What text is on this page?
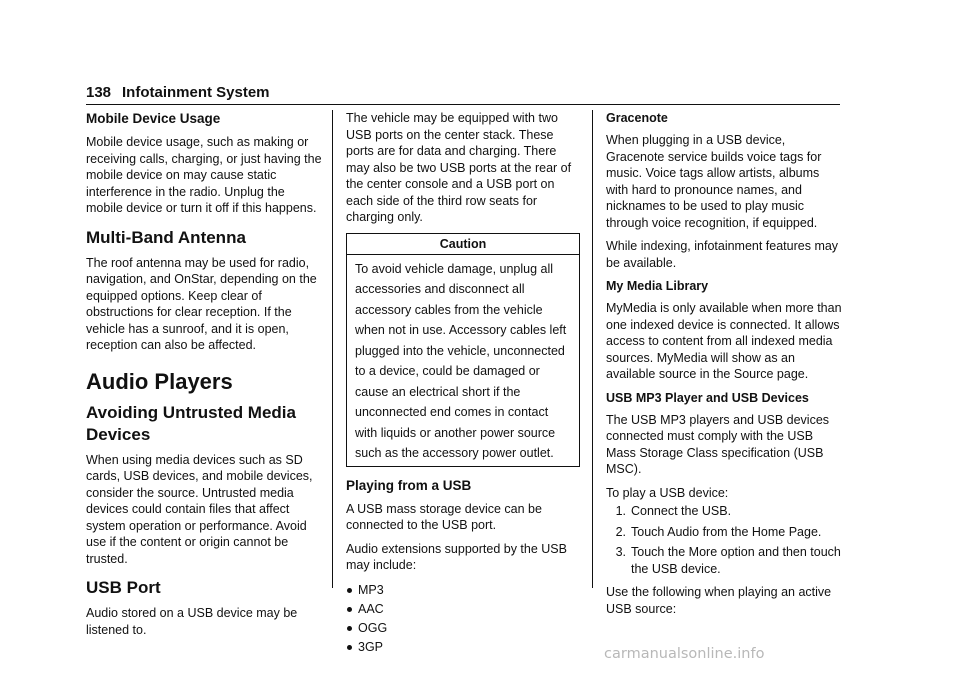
138 Infotainment System
Mobile Device Usage

Mobile device usage, such as making or receiving calls, charging, or just having the mobile device on may cause static interference in the radio. Unplug the mobile device or turn it off if this happens.

Multi-Band Antenna

The roof antenna may be used for radio, navigation, and OnStar, depending on the equipped options. Keep clear of obstructions for clear reception. If the vehicle has a sunroof, and it is open, reception can also be affected.

Audio Players
Avoiding Untrusted Media Devices

When using media devices such as SD cards, USB devices, and mobile devices, consider the source. Untrusted media devices could contain files that affect system operation or performance. Avoid use if the content or origin cannot be trusted.

USB Port

Audio stored on a USB device may be listened to.

The vehicle may be equipped with two USB ports on the center stack. These ports are for data and charging. There may also be two USB ports at the rear of the center console and a USB port on each side of the third row seats for charging only.

Caution
To avoid vehicle damage, unplug all accessories and disconnect all accessory cables from the vehicle when not in use. Accessory cables left plugged into the vehicle, unconnected to a device, could be damaged or cause an electrical short if the unconnected end comes in contact with liquids or another power source such as the accessory power outlet.
Playing from a USB

A USB mass storage device can be connected to the USB port.

Audio extensions supported by the USB may include:

MP3
AAC
OGG
3GP
Gracenote

When plugging in a USB device, Gracenote service builds voice tags for music. Voice tags allow artists, albums with hard to pronounce names, and nicknames to be used to play music through voice recognition, if equipped.

While indexing, infotainment features may be available.

My Media Library

MyMedia is only available when more than one indexed device is connected. It allows access to content from all indexed media sources. MyMedia will show as an available source in the Source page.

USB MP3 Player and USB Devices

The USB MP3 players and USB devices connected must comply with the USB Mass Storage Class specification (USB MSC).

To play a USB device:

1. Connect the USB.
2. Touch Audio from the Home Page.
3. Touch the More option and then touch the USB device.

Use the following when playing an active USB source:

carmanualsonline.info
